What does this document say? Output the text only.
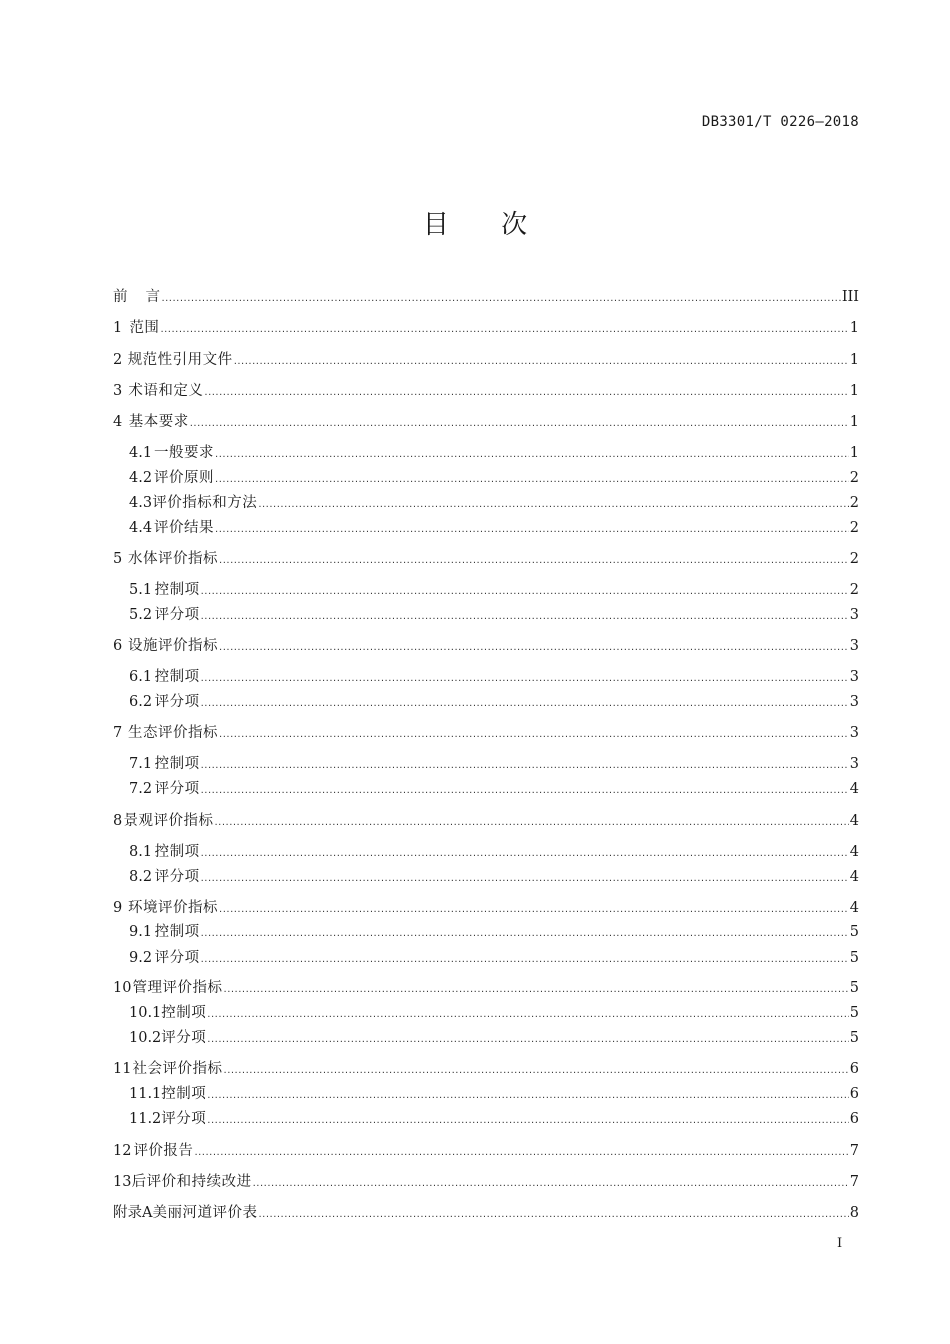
DB3301/T 0226—2018
目 次
前	言 .....	III
1 范围 .....	1
2 规范性引用文件 .....	1
3 术语和定义 .....	1
4 基本要求 .....	1
4.1 一般要求 .....	1
4.2 评价原则 .....	2
4.3 评价指标和方法 .....	2
4.4 评价结果 .....	2
5 水体评价指标 .....	2
5.1 控制项 .....	2
5.2 评分项 .....	3
6 设施评价指标 .....	3
6.1 控制项 .....	3
6.2 评分项 .....	3
7 生态评价指标 .....	3
7.1 控制项 .....	3
7.2 评分项 .....	4
8 景观评价指标 .....	4
8.1 控制项 .....	4
8.2 评分项 .....	4
9 环境评价指标 .....	4
9.1 控制项 .....	5
9.2 评分项 .....	5
10 管理评价指标 .....	5
10.1 控制项 .....	5
10.2 评分项 .....	5
11 社会评价指标 .....	6
11.1 控制项 .....	6
11.2 评分项 .....	6
12 评价报告 .....	7
13 后评价和持续改进 .....	7
附录A 美丽河道评价表 .....	8
I
